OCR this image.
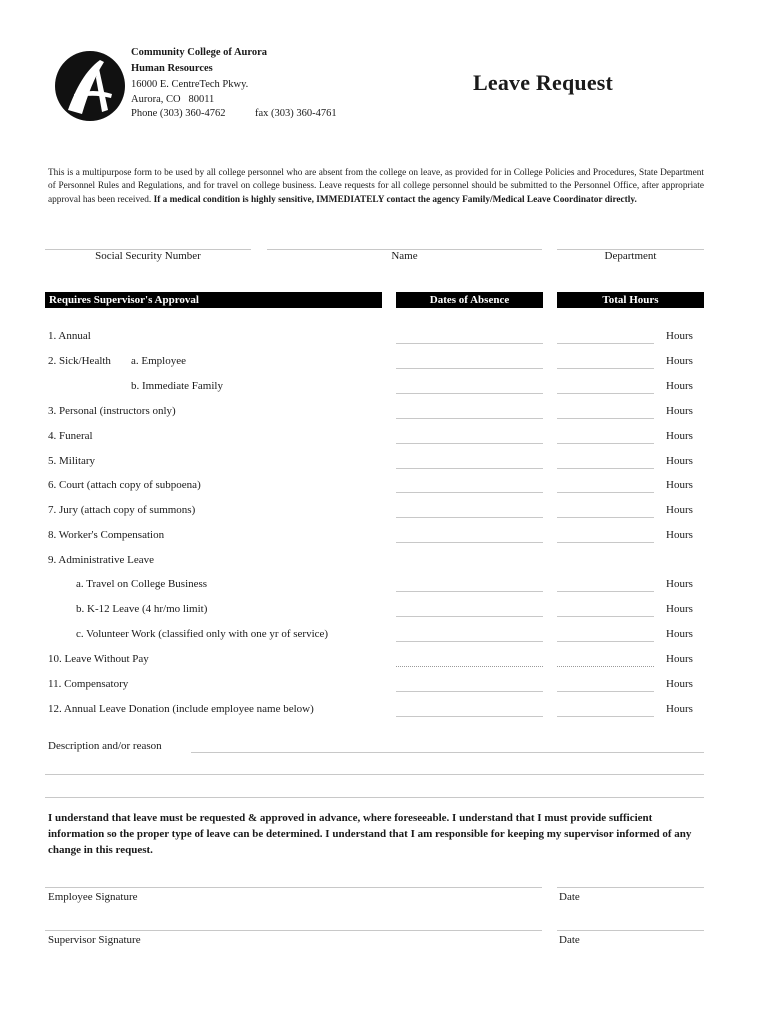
Community College of Aurora
Human Resources
16000 E. CentreTech Pkwy.
Aurora, CO   80011
Phone (303) 360-4762	fax (303) 360-4761
Leave Request
This is a multipurpose form to be used by all college personnel who are absent from the college on leave, as provided for in College Policies and Procedures, State Department of Personnel Rules and Regulations, and for travel on college business. Leave requests for all college personnel should be submitted to the Personnel Office, after appropriate approval has been received. If a medical condition is highly sensitive, IMMEDIATELY contact the agency Family/Medical Leave Coordinator directly.
Social Security Number	Name	Department
Requires Supervisor's Approval	Dates of Absence	Total Hours
1. Annual	Hours
2. Sick/Health a. Employee	Hours
b. Immediate Family	Hours
3. Personal (instructors only)	Hours
4. Funeral	Hours
5. Military	Hours
6. Court (attach copy of subpoena)	Hours
7. Jury (attach copy of summons)	Hours
8. Worker's Compensation	Hours
9. Administrative Leave
a. Travel on College Business	Hours
b. K-12 Leave (4 hr/mo limit)	Hours
c. Volunteer Work (classified only with one yr of service)	Hours
10. Leave Without Pay	Hours
11. Compensatory	Hours
12. Annual Leave Donation (include employee name below)	Hours
Description and/or reason
I understand that leave must be requested & approved in advance, where foreseeable. I understand that I must provide sufficient information so the proper type of leave can be determined. I understand that I am responsible for keeping my supervisor informed of any change in this request.
Employee Signature	Date
Supervisor Signature	Date
